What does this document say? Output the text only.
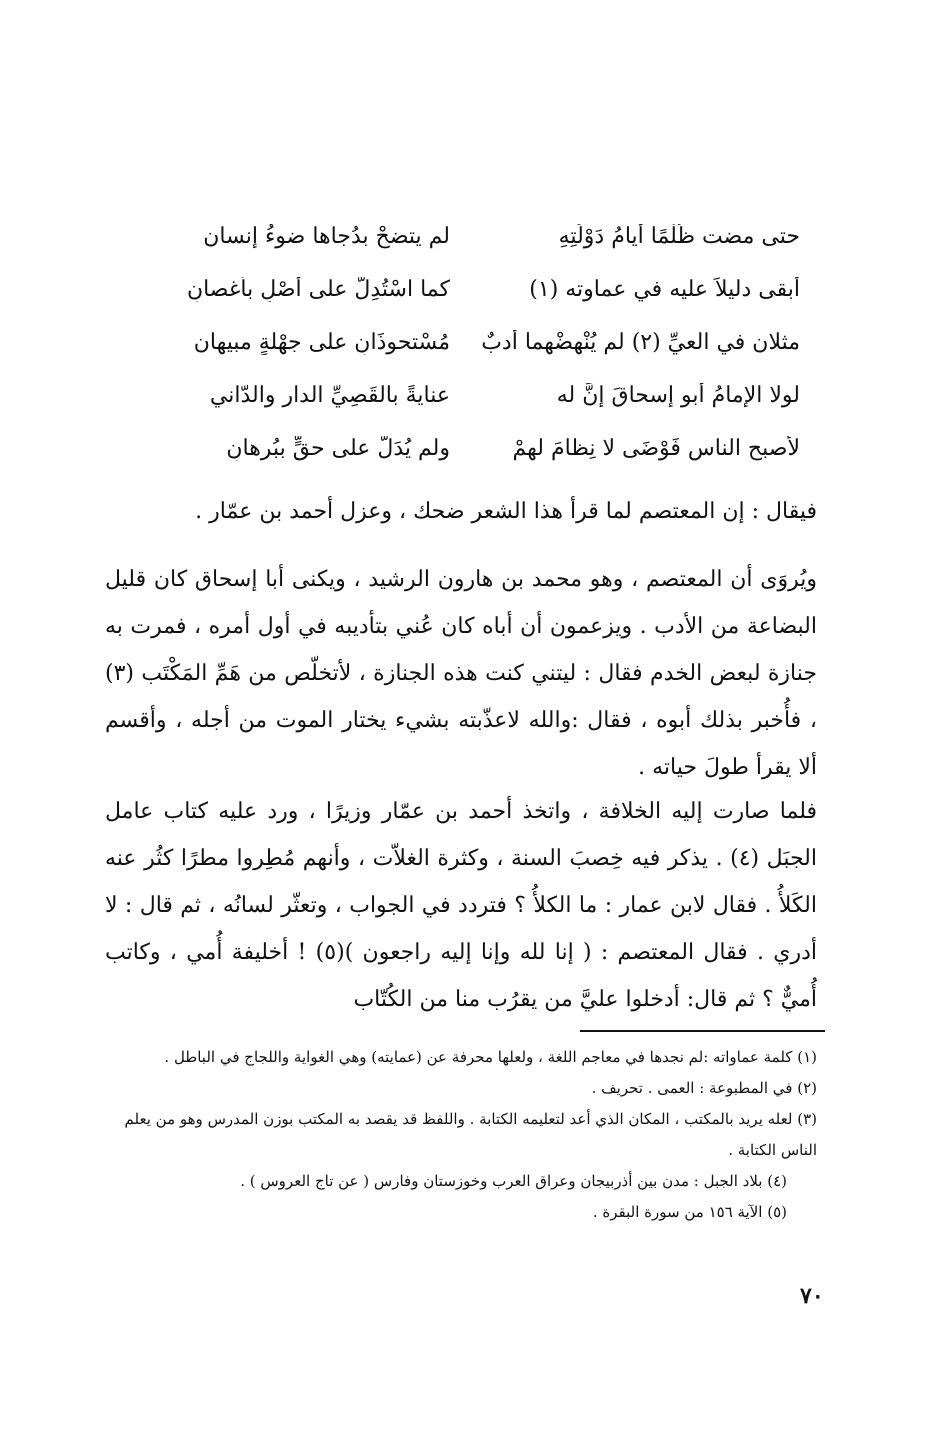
حتى مضت ظُلْمًا أيامُ دَوْلَتِهِ
لم يتضحْ بدُجاها ضوءُ إنسان
أبقى دليلاً عليه في عماوته (١)
كما اسْتُدِلَّ على أصْلٍ بأغصانِ
مثلان في العيِّ (٢) لم يُنْهِضْهما أدبٌ
مُسْتحوذَانِ على جهْلةٍ مبيهان
لولا الإمامُ أبو إسحاقَ إنَّ له
عنايةً بالقَصِيِّ الدار والدّاني
لأصبح الناس فَوْضَى لا نِظامَ لهمْ
ولم يُدَلَّ على حقٍّ ببُرهانِ

فيقال : إن المعتصم لما قرأ هذا الشعر ضحك ، وعزل أحمد بن عمّار .

ويُروَى أن المعتصم ، وهو محمد بن هارون الرشيد ، ويكنى أبا إسحاق كان قليل البضاعة من الأدب . ويزعمون أن أباه كان عُني بتأديبه في أول أمره ، فمرت به جنازة لبعض الخدم فقال : ليتني كنت هذه الجنازة ، لأتخلّص من هَمِّ المَكْتَب (٣) ، فأُخبر بذلك أبوه ، فقال :والله لاعذّبته بشيء يختار الموت من أجله ، وأقسم ألا يقرأ طولَ حياته .

فلما صارت إليه الخلافة ، واتخذ أحمد بن عمّار وزيرًا ، ورد عليه كتاب عامل الجبَل (٤) . يذكر فيه خِصبَ السنة ، وكثرة الغلاّت ، وأنهم مُطِروا مطرًا كثُر عنه الكَلأُ . فقال لابن عمار : ما الكلأُ ؟ فتردد في الجواب ، وتعثّر لسانُه ، ثم قال : لا أدري . فقال المعتصم : ( إنا لله وإنا إليه راجعون )(٥) ! أخليفة أُمي ، وكاتب أُميٌّ ؟ ثم قال: أدخلوا عليَّ من يقرُب منا من الكُتّاب

(١) كلمة عماواته :لم نجدها في معاجم اللغة ، ولعلها محرفة عن (عمايته) وهي الغواية واللجاج في الباطل .

(٢) في المطبوعة : العمى . تحريف .

(٣) لعله يريد بالمكتب ، المكان الذي أعد لتعليمه الكتابة . واللفظ قد يقصد به المكتب بوزن المدرس وهو من يعلم الناس الكتابة .

(٤) بلاد الجبل : مدن بين أذربيجان وعراق العرب وخوزستان وفارس ( عن تاج العروس ) .

(٥) الآية ١٥٦ من سورة البقرة .

٧٠
